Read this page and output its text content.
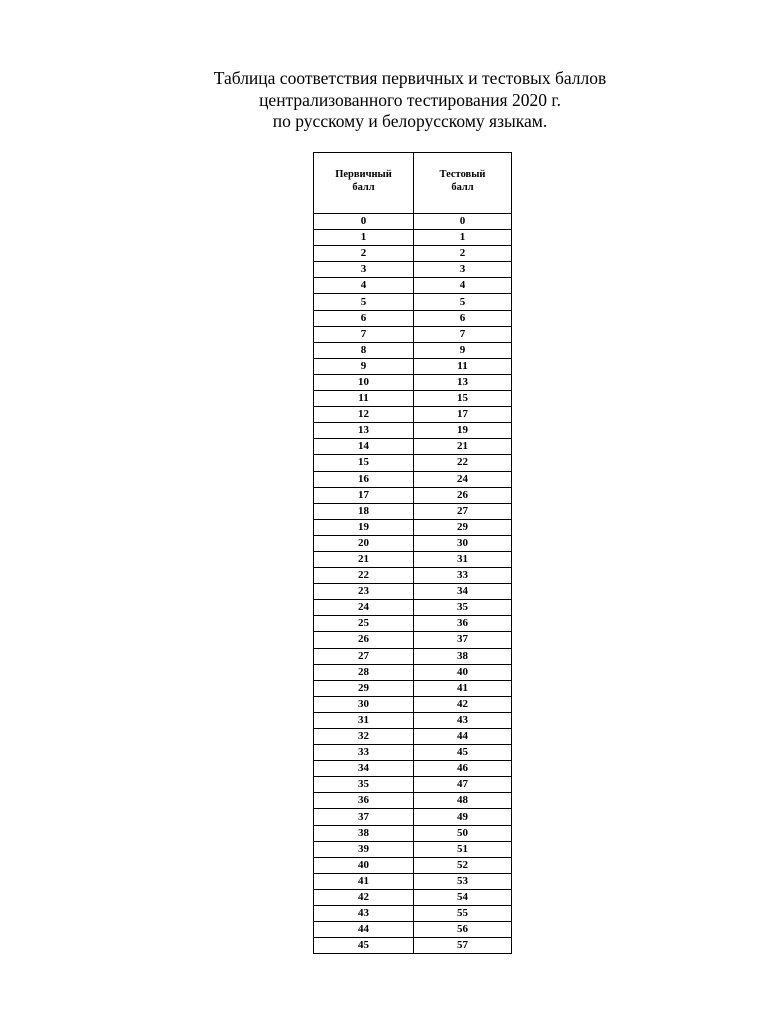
Таблица соответствия первичных и тестовых баллов
централизованного тестирования 2020 г.
по русскому и белорусскому языкам.
Первичный
балл	Тестовый
балл

0	0
1	1
2	2
3	3
4	4
5	5
6	6
7	7
8	9
9	11
10	13
11	15
12	17
13	19
14	21
15	22
16	24
17	26
18	27
19	29
20	30
21	31
22	33
23	34
24	35
25	36
26	37
27	38
28	40
29	41
30	42
31	43
32	44
33	45
34	46
35	47
36	48
37	49
38	50
39	51
40	52
41	53
42	54
43	55
44	56
45	57
